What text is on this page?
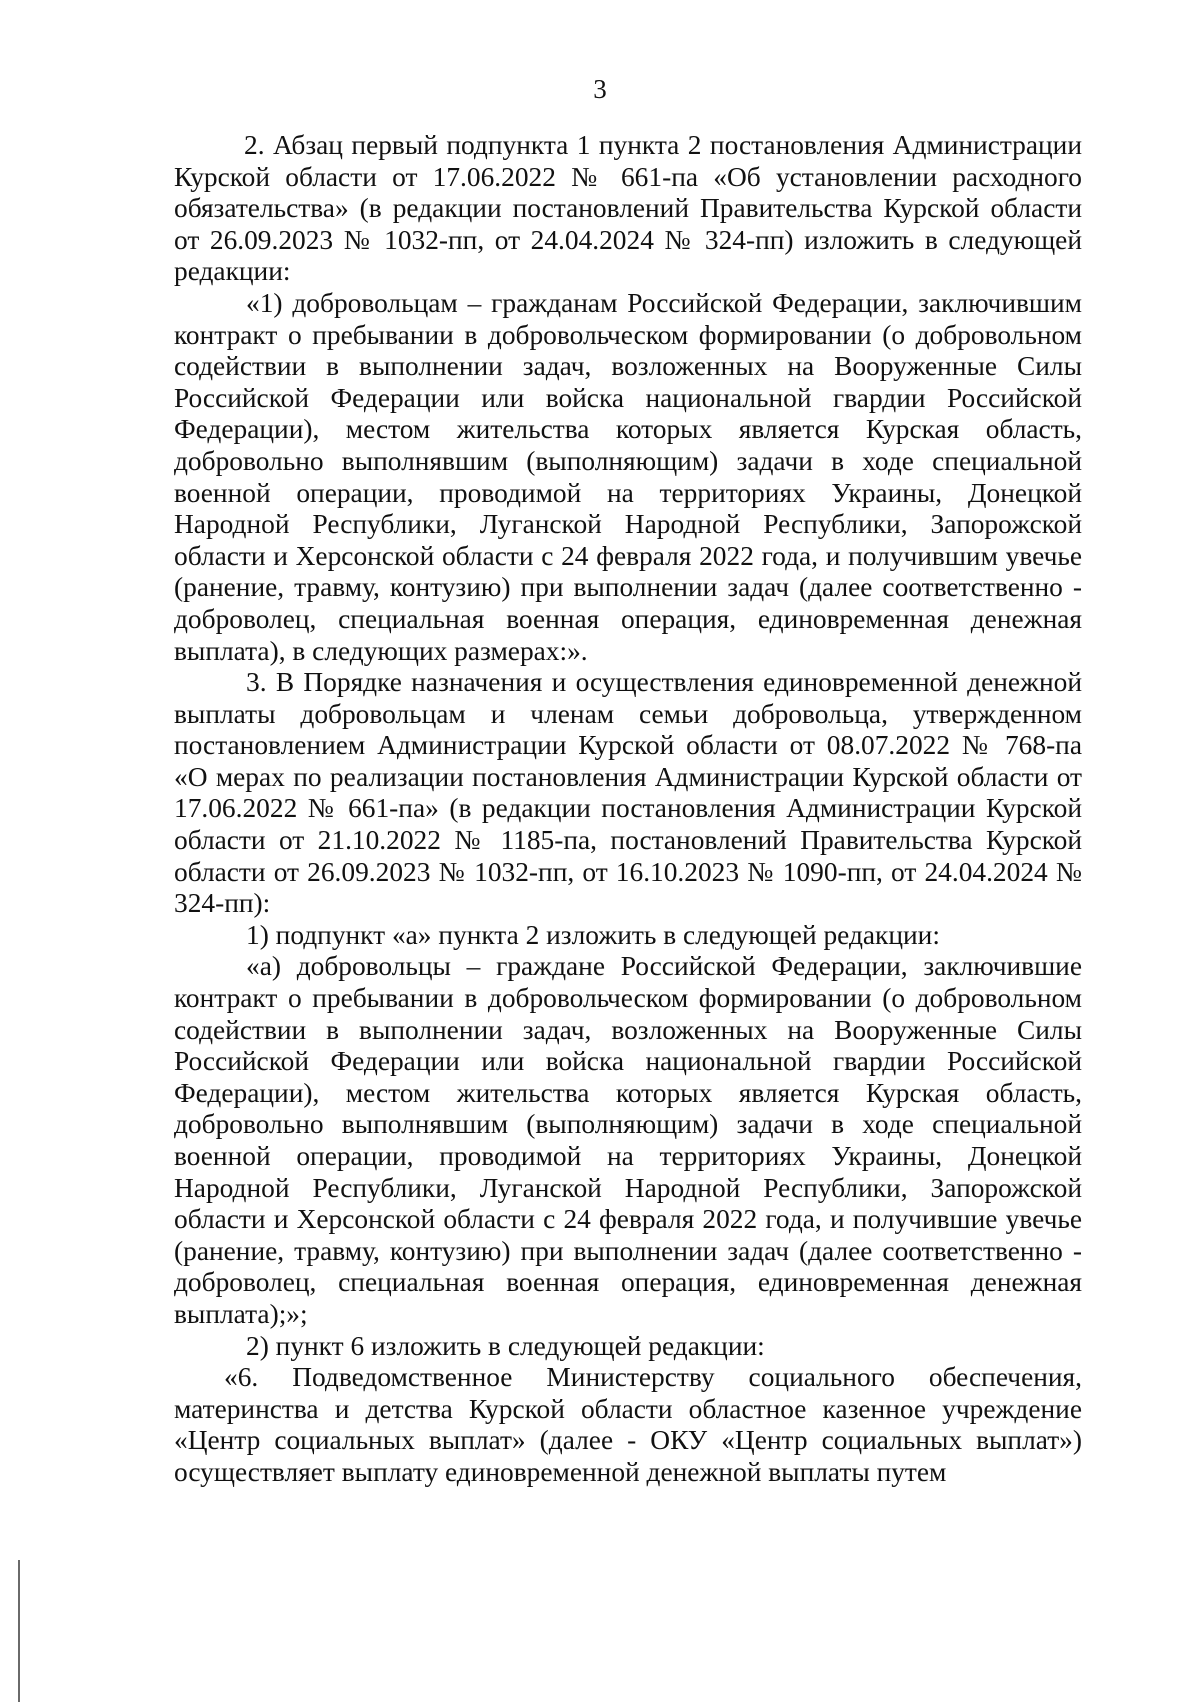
3

2. Абзац первый подпункта 1 пункта 2 постановления Администрации Курской области от 17.06.2022 № 661-па «Об установлении расходного обязательства» (в редакции постановлений Правительства Курской области от 26.09.2023 № 1032-пп, от 24.04.2024 № 324-пп) изложить в следующей редакции:

«1) добровольцам – гражданам Российской Федерации, заключившим контракт о пребывании в добровольческом формировании (о добровольном содействии в выполнении задач, возложенных на Вооруженные Силы Российской Федерации или войска национальной гвардии Российской Федерации), местом жительства которых является Курская область, добровольно выполнявшим (выполняющим) задачи в ходе специальной военной операции, проводимой на территориях Украины, Донецкой Народной Республики, Луганской Народной Республики, Запорожской области и Херсонской области с 24 февраля 2022 года, и получившим увечье (ранение, травму, контузию) при выполнении задач (далее соответственно - доброволец, специальная военная операция, единовременная денежная выплата), в следующих размерах:».

3. В Порядке назначения и осуществления единовременной денежной выплаты добровольцам и членам семьи добровольца, утвержденном постановлением Администрации Курской области от 08.07.2022 № 768-па «О мерах по реализации постановления Администрации Курской области от 17.06.2022 № 661-па» (в редакции постановления Администрации Курской области от 21.10.2022 № 1185-па, постановлений Правительства Курской области от 26.09.2023 № 1032-пп, от 16.10.2023 № 1090-пп, от 24.04.2024 № 324-пп):

1) подпункт «а» пункта 2 изложить в следующей редакции:

«а) добровольцы – граждане Российской Федерации, заключившие контракт о пребывании в добровольческом формировании (о добровольном содействии в выполнении задач, возложенных на Вооруженные Силы Российской Федерации или войска национальной гвардии Российской Федерации), местом жительства которых является Курская область, добровольно выполнявшим (выполняющим) задачи в ходе специальной военной операции, проводимой на территориях Украины, Донецкой Народной Республики, Луганской Народной Республики, Запорожской области и Херсонской области с 24 февраля 2022 года, и получившие увечье (ранение, травму, контузию) при выполнении задач (далее соответственно - доброволец, специальная военная операция, единовременная денежная выплата);»;

2) пункт 6 изложить в следующей редакции:

«6. Подведомственное Министерству социального обеспечения, материнства и детства Курской области областное казенное учреждение «Центр социальных выплат» (далее - ОКУ «Центр социальных выплат») осуществляет выплату единовременной денежной выплаты путем
